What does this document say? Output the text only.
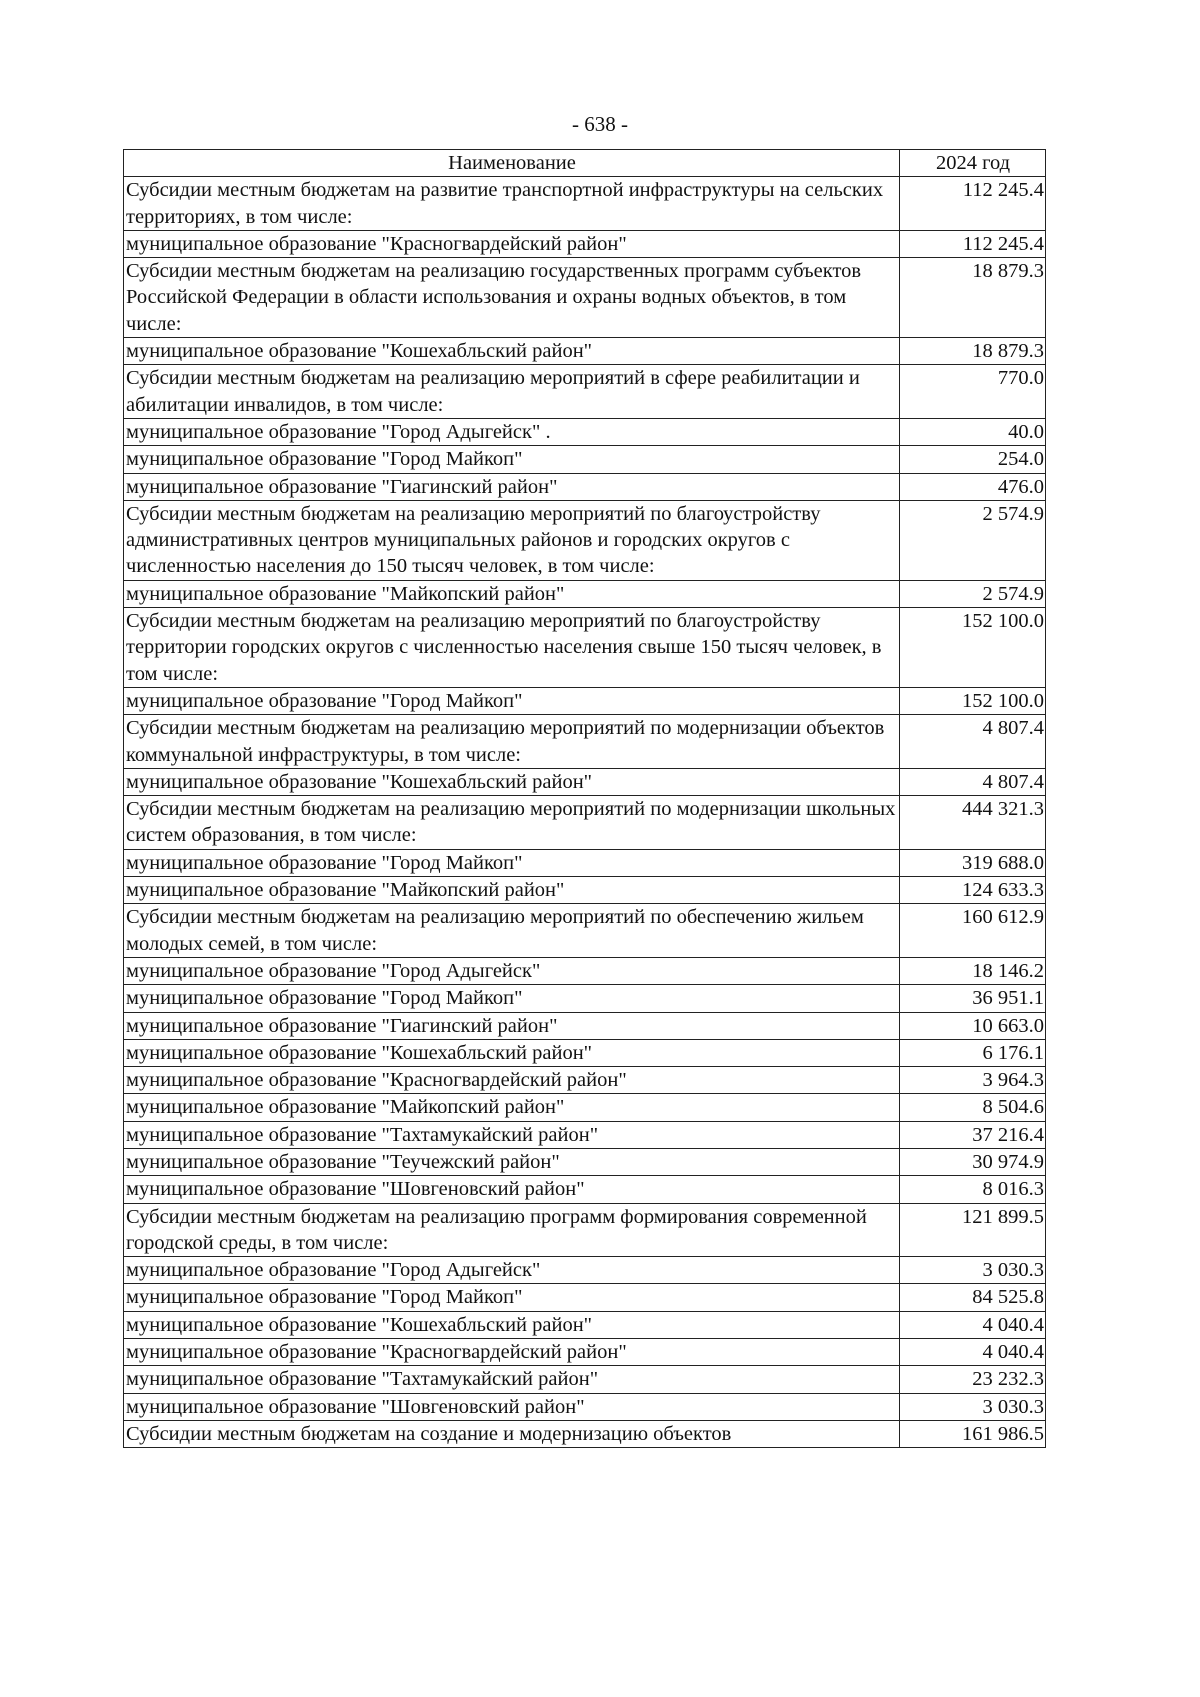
- 638 -
Наименование	2024 год
Субсидии местным бюджетам на развитие транспортной инфраструктуры на сельских территориях, в том числе:	112 245.4
муниципальное образование "Красногвардейский район"	112 245.4
Субсидии местным бюджетам на реализацию государственных программ субъектов Российской Федерации в области использования и охраны водных объектов, в том числе:	18 879.3
муниципальное образование "Кошехабльский район"	18 879.3
Субсидии местным бюджетам на реализацию мероприятий в сфере реабилитации и абилитации инвалидов, в том числе:	770.0
муниципальное образование "Город Адыгейск" .	40.0
муниципальное образование "Город Майкоп"	254.0
муниципальное образование "Гиагинский район"	476.0
Субсидии местным бюджетам на реализацию мероприятий по благоустройству административных центров муниципальных районов и городских округов с численностью населения до 150 тысяч человек, в том числе:	2 574.9
муниципальное образование "Майкопский район"	2 574.9
Субсидии местным бюджетам на реализацию мероприятий по благоустройству территории городских округов с численностью населения свыше 150 тысяч человек, в том числе:	152 100.0
муниципальное образование "Город Майкоп"	152 100.0
Субсидии местным бюджетам на реализацию мероприятий по модернизации объектов коммунальной инфраструктуры, в том числе:	4 807.4
муниципальное образование "Кошехабльский район"	4 807.4
Субсидии местным бюджетам на реализацию мероприятий по модернизации школьных систем образования, в том числе:	444 321.3
муниципальное образование "Город Майкоп"	319 688.0
муниципальное образование "Майкопский район"	124 633.3
Субсидии местным бюджетам на реализацию мероприятий по обеспечению жильем молодых семей, в том числе:	160 612.9
муниципальное образование "Город Адыгейск"	18 146.2
муниципальное образование "Город Майкоп"	36 951.1
муниципальное образование "Гиагинский район"	10 663.0
муниципальное образование "Кошехабльский район"	6 176.1
муниципальное образование "Красногвардейский район"	3 964.3
муниципальное образование "Майкопский район"	8 504.6
муниципальное образование "Тахтамукайский район"	37 216.4
муниципальное образование "Теучежский район"	30 974.9
муниципальное образование "Шовгеновский район"	8 016.3
Субсидии местным бюджетам на реализацию программ формирования современной городской среды, в том числе:	121 899.5
муниципальное образование "Город Адыгейск"	3 030.3
муниципальное образование "Город Майкоп"	84 525.8
муниципальное образование "Кошехабльский район"	4 040.4
муниципальное образование "Красногвардейский район"	4 040.4
муниципальное образование "Тахтамукайский район"	23 232.3
муниципальное образование "Шовгеновский район"	3 030.3
Субсидии местным бюджетам на создание и модернизацию объектов	161 986.5
